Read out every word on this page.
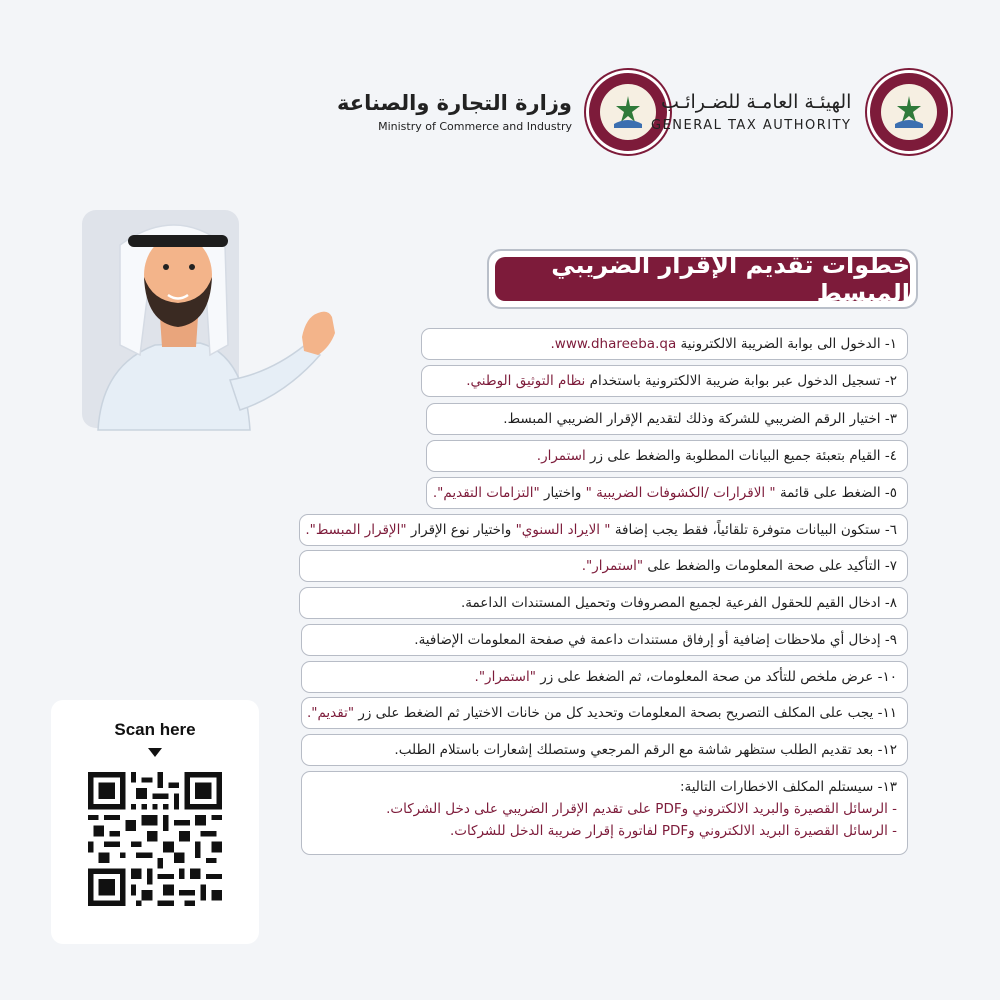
وزارة التجارة والصناعة
Ministry of Commerce and Industry
الهيئـة العامـة للضـرائـب
GENERAL TAX AUTHORITY
خطوات تقديم الإقرار الضريبي المبسط
١- الدخول الى بوابة الضريبة الالكترونية www.dhareeba.qa.
٢- تسجيل الدخول عبر بوابة ضريبة الالكترونية باستخدام نظام التوثيق الوطني.
٣- اختيار الرقم الضريبي للشركة وذلك لتقديم الإقرار الضريبي المبسط.
٤- القيام بتعبئة جميع البيانات المطلوبة والضغط على زر استمرار.
٥- الضغط على قائمة " الاقرارات /الكشوفات الضريبية " واختيار "التزامات التقديم".
٦- ستكون البيانات متوفرة تلقائياً، فقط يجب إضافة " الايراد السنوي" واختيار نوع الإقرار "الإقرار المبسط".
٧- التأكيد على صحة المعلومات والضغط على "استمرار".
٨- ادخال القيم للحقول الفرعية لجميع المصروفات وتحميل المستندات الداعمة.
٩- إدخال أي ملاحظات إضافية أو إرفاق مستندات داعمة في صفحة المعلومات الإضافية.
١٠- عرض ملخص للتأكد من صحة المعلومات، ثم الضغط على زر "استمرار".
١١- يجب على المكلف التصريح بصحة المعلومات وتحديد كل من خانات الاختيار ثم الضغط على زر "تقديم".
١٢- بعد تقديم الطلب ستظهر شاشة مع الرقم المرجعي وستصلك إشعارات باستلام الطلب.
١٣- سيستلم المكلف الاخطارات التالية:
- الرسائل القصيرة والبريد الالكتروني وPDF على تقديم الإقرار الضريبي على دخل الشركات.
- الرسائل القصيرة البريد الالكتروني وPDF لفاتورة إقرار ضريبة الدخل للشركات.
Scan here
